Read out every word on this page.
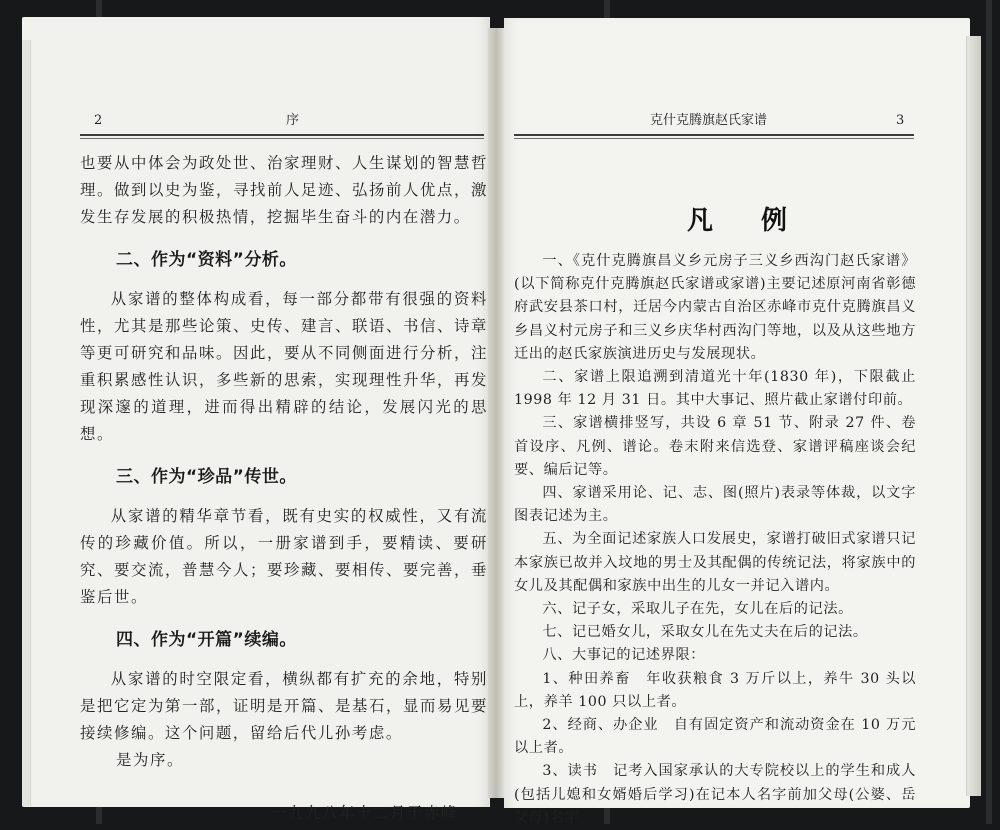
2	序

也要从中体会为政处世、治家理财、人生谋划的智慧哲理。做到以史为鉴，寻找前人足迹、弘扬前人优点，激发生存发展的积极热情，挖掘毕生奋斗的内在潜力。

二、作为“资料”分析。

从家谱的整体构成看，每一部分都带有很强的资料性，尤其是那些论策、史传、建言、联语、书信、诗章等更可研究和品味。因此，要从不同侧面进行分析，注重积累感性认识，多些新的思索，实现理性升华，再发现深邃的道理，进而得出精辟的结论，发展闪光的思想。

三、作为“珍品”传世。

从家谱的精华章节看，既有史实的权威性，又有流传的珍藏价值。所以，一册家谱到手，要精读、要研究、要交流，普慧今人；要珍藏、要相传、要完善，垂鉴后世。

四、作为“开篇”续编。

从家谱的时空限定看，横纵都有扩充的余地，特别是把它定为第一部，证明是开篇、是基石，显而易见要接续修编。这个问题，留给后代儿孙考虑。

是为序。

一九九八年十二月于赤峰

克什克腾旗赵氏家谱	3
凡例

一、《克什克腾旗昌义乡元房子三义乡西沟门赵氏家谱》(以下简称克什克腾旗赵氏家谱或家谱)主要记述原河南省彰德府武安县茶口村，迁居今内蒙古自治区赤峰市克什克腾旗昌义乡昌义村元房子和三义乡庆华村西沟门等地，以及从这些地方迁出的赵氏家族演进历史与发展现状。

二、家谱上限追溯到清道光十年(1830 年)，下限截止 1998 年 12 月 31 日。其中大事记、照片截止家谱付印前。

三、家谱横排竖写，共设 6 章 51 节、附录 27 件、卷首设序、凡例、谱论。卷末附来信选登、家谱评稿座谈会纪要、编后记等。

四、家谱采用论、记、志、图(照片)表录等体裁，以文字图表记述为主。

五、为全面记述家族人口发展史，家谱打破旧式家谱只记本家族已故并入坟地的男士及其配偶的传统记法，将家族中的女儿及其配偶和家族中出生的儿女一并记入谱内。

六、记子女，采取儿子在先，女儿在后的记法。

七、记已婚女儿，采取女儿在先丈夫在后的记法。

八、大事记的记述界限：

1、种田养畜　年收获粮食 3 万斤以上，养牛 30 头以上，养羊 100 只以上者。

2、经商、办企业　自有固定资产和流动资金在 10 万元以上者。

3、读书　记考入国家承认的大专院校以上的学生和成人(包括儿媳和女婿婚后学习)在记本人名字前加父母(公婆、岳父母)名字。
